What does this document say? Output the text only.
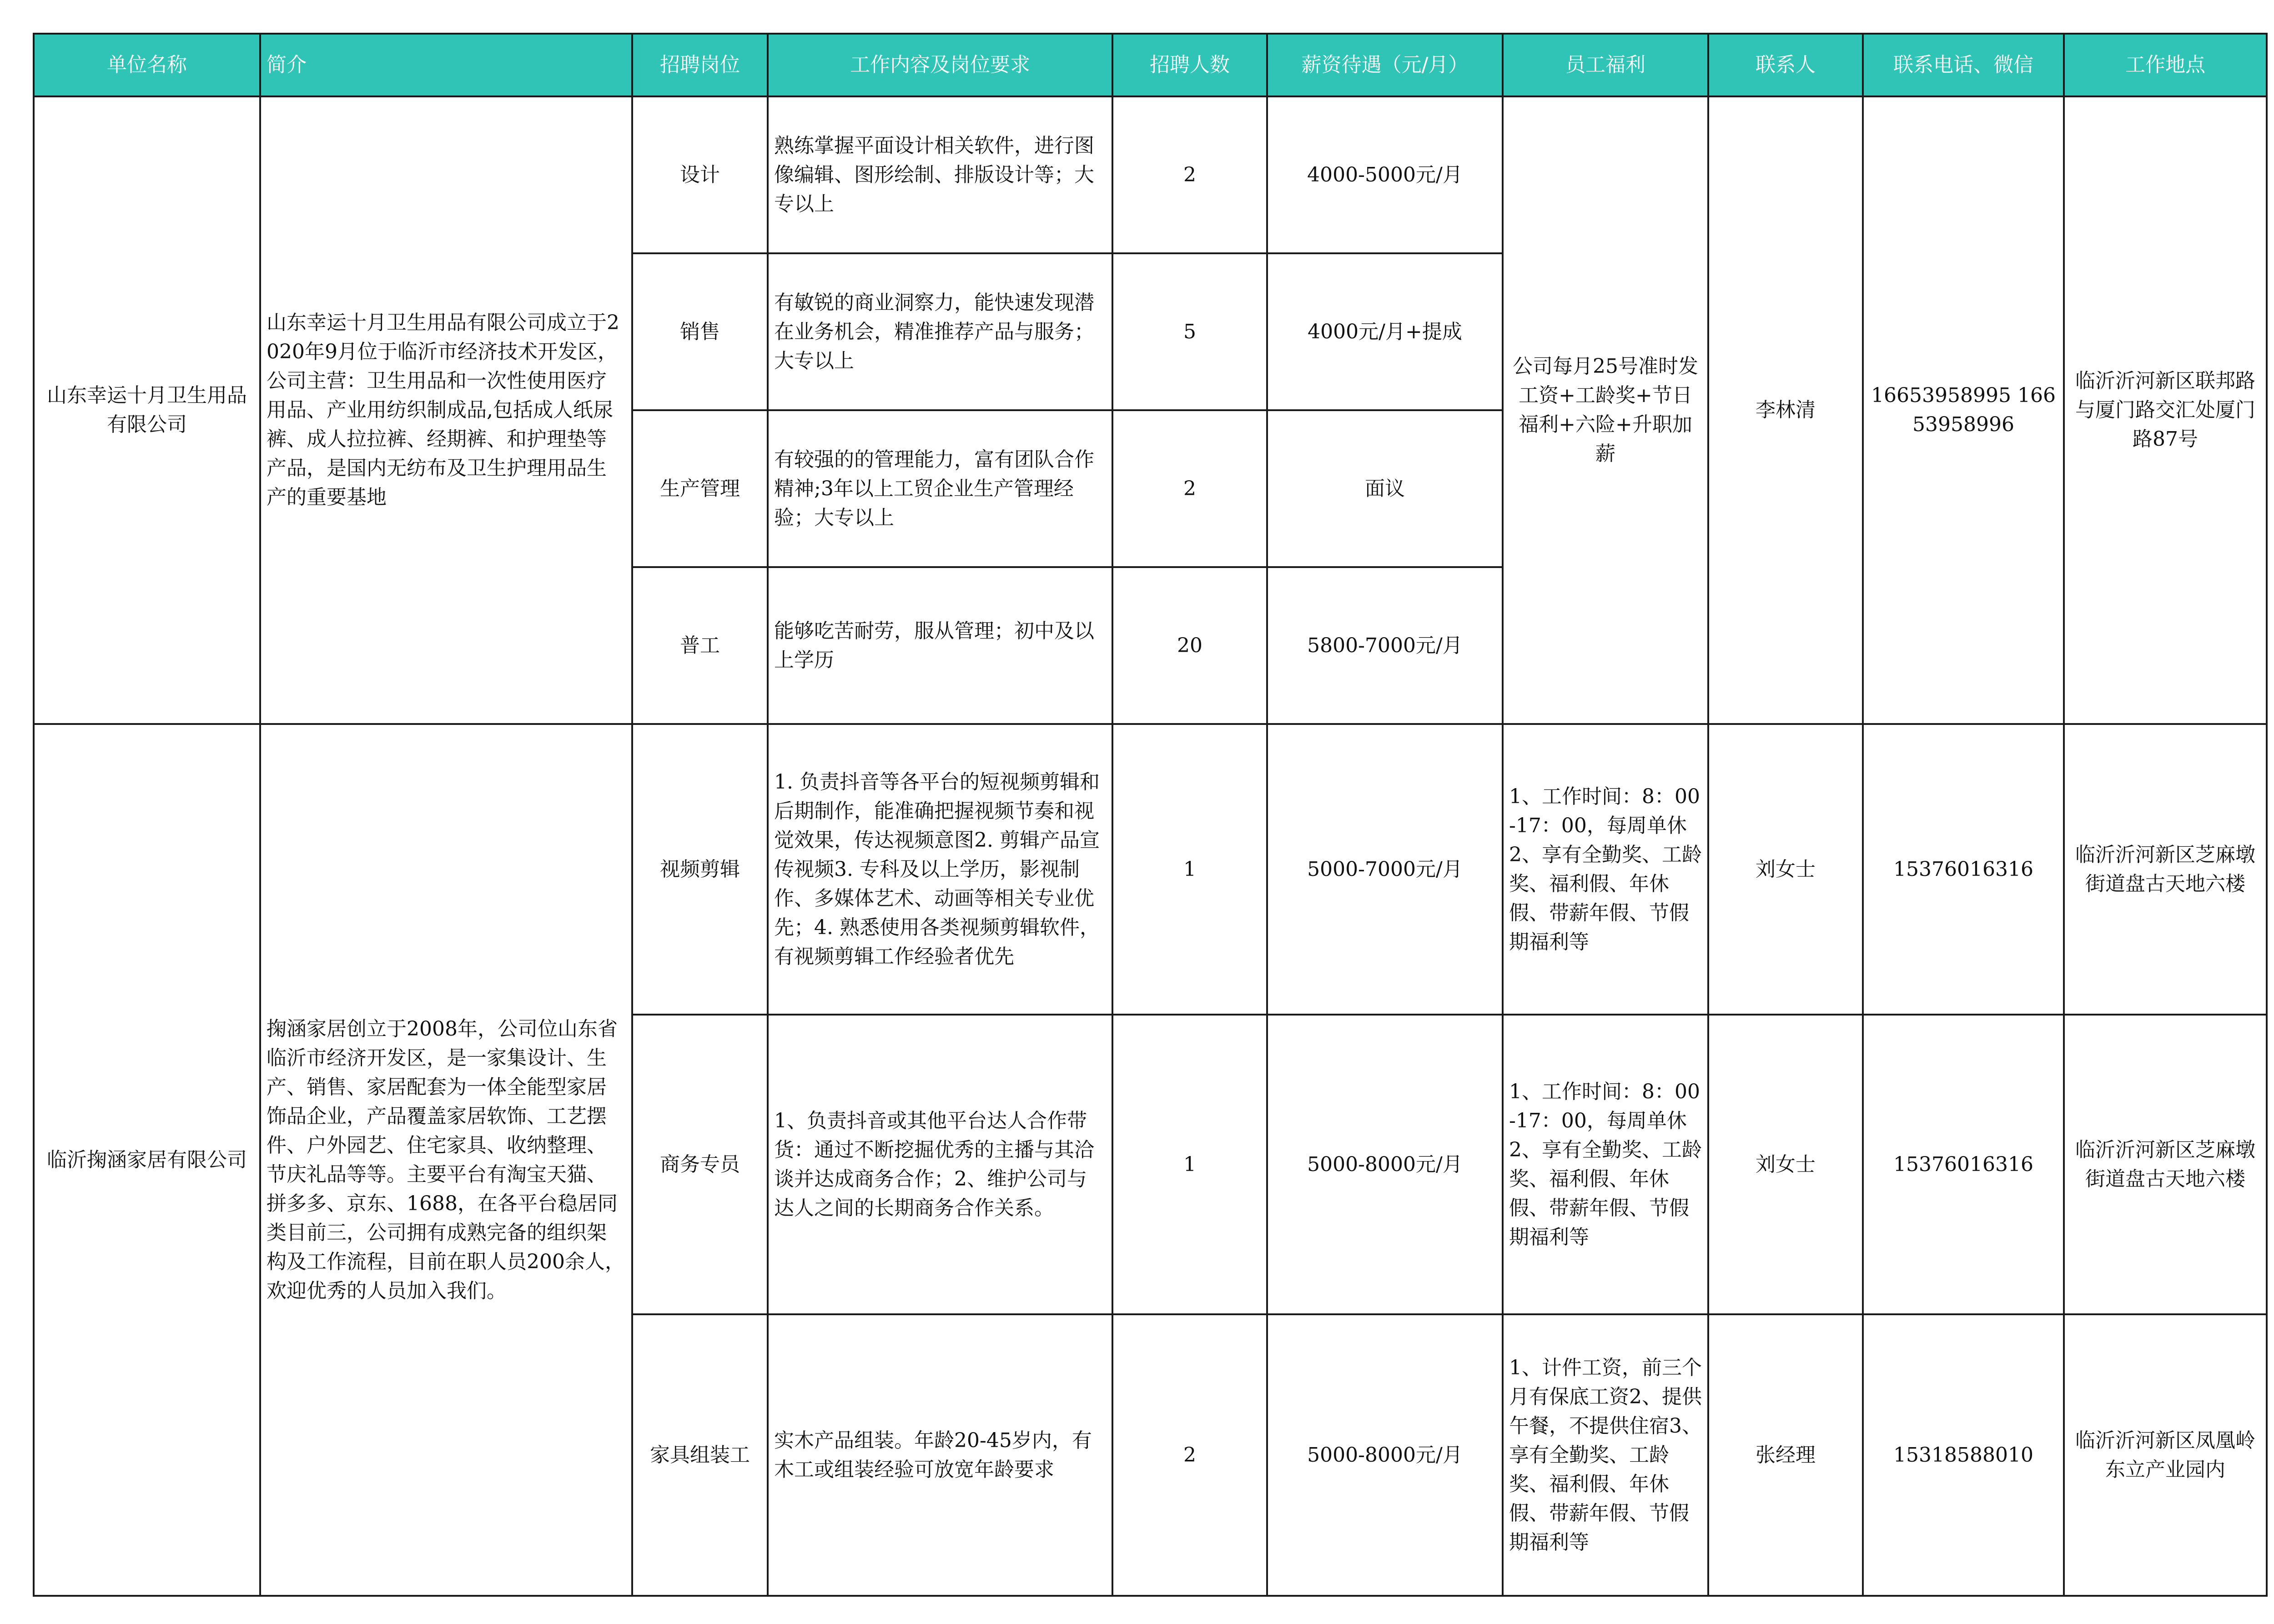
单位名称	简介	招聘岗位	工作内容及岗位要求	招聘人数	薪资待遇（元/月）	员工福利	联系人	联系电话、微信	工作地点
山东幸运十月卫生用品有限公司	山东幸运十月卫生用品有限公司成立于2020年9月位于临沂市经济技术开发区，公司主营：卫生用品和一次性使用医疗用品、产业用纺织制成品,包括成人纸尿裤、成人拉拉裤、经期裤、和护理垫等产品，是国内无纺布及卫生护理用品生产的重要基地	设计	熟练掌握平面设计相关软件，进行图像编辑、图形绘制、排版设计等；大专以上	2	4000-5000元/月	公司每月25号准时发工资+工龄奖+节日福利+六险+升职加薪	李林清	16653958995 16653958996	临沂沂河新区联邦路与厦门路交汇处厦门路87号
		销售	有敏锐的商业洞察力，能快速发现潜在业务机会，精准推荐产品与服务；大专以上	5	4000元/月+提成				
		生产管理	有较强的的管理能力，富有团队合作精神;3年以上工贸企业生产管理经验；大专以上	2	面议				
		普工	能够吃苦耐劳，服从管理；初中及以上学历	20	5800-7000元/月				
临沂掬涵家居有限公司	掬涵家居创立于2008年，公司位山东省临沂市经济开发区，是一家集设计、生产、销售、家居配套为一体全能型家居饰品企业，产品覆盖家居软饰、工艺摆件、户外园艺、住宅家具、收纳整理、节庆礼品等等。主要平台有淘宝天猫、拼多多、京东、1688，在各平台稳居同类目前三，公司拥有成熟完备的组织架构及工作流程，目前在职人员200余人，欢迎优秀的人员加入我们。	视频剪辑	1. 负责抖音等各平台的短视频剪辑和后期制作，能准确把握视频节奏和视觉效果，传达视频意图2. 剪辑产品宣传视频3. 专科及以上学历，影视制作、多媒体艺术、动画等相关专业优先；4. 熟悉使用各类视频剪辑软件，有视频剪辑工作经验者优先	1	5000-7000元/月	1、工作时间：8：00-17：00，每周单休2、享有全勤奖、工龄奖、福利假、年休假、带薪年假、节假期福利等	刘女士	15376016316	临沂沂河新区芝麻墩街道盘古天地六楼
		商务专员	1、负责抖音或其他平台达人合作带货：通过不断挖掘优秀的主播与其洽谈并达成商务合作；2、维护公司与达人之间的长期商务合作关系。	1	5000-8000元/月	1、工作时间：8：00-17：00，每周单休2、享有全勤奖、工龄奖、福利假、年休假、带薪年假、节假期福利等	刘女士	15376016316	临沂沂河新区芝麻墩街道盘古天地六楼
		家具组装工	实木产品组装。年龄20-45岁内，有木工或组装经验可放宽年龄要求	2	5000-8000元/月	1、计件工资，前三个月有保底工资2、提供午餐，不提供住宿3、享有全勤奖、工龄奖、福利假、年休假、带薪年假、节假期福利等	张经理	15318588010	临沂沂河新区凤凰岭东立产业园内
